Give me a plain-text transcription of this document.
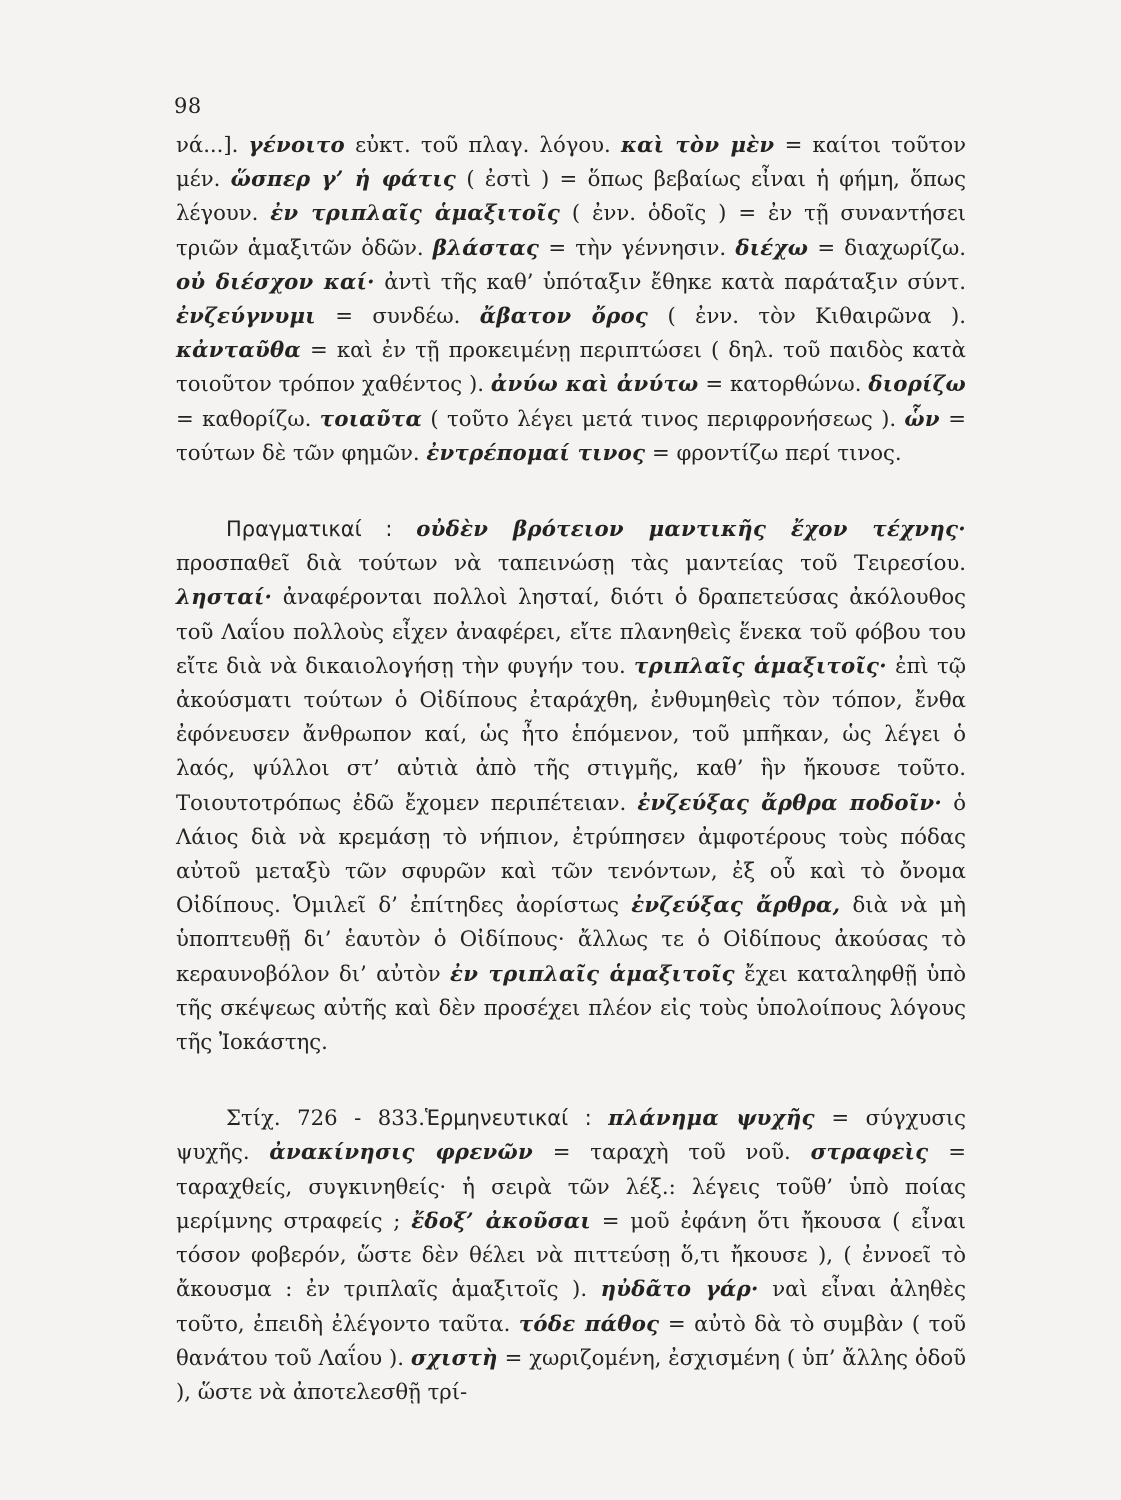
98

νά...]. γένοιτο εὐκτ. τοῦ πλαγ. λόγου. καὶ τὸν μὲν = καίτοι τοῦτον μέν. ὥσπερ γ’ ἡ φάτις ( ἐστὶ ) = ὅπως βεβαίως εἶναι ἡ φήμη, ὅπως λέγουν. ἐν τριπλαῖς ἁμαξιτοῖς ( ἐνν. ὁδοῖς ) = ἐν τῇ συναντήσει τριῶν ἁμαξιτῶν ὁδῶν. βλάστας = τὴν γέννησιν. διέχω = διαχωρίζω. οὐ διέσχον καί· ἀντὶ τῆς καθ’ ὑπόταξιν ἔθηκε κατὰ παράταξιν σύντ. ἐνζεύγνυμι = συνδέω. ἄβατον ὄρος ( ἐνν. τὸν Κιθαιρῶνα ). κἀνταῦθα = καὶ ἐν τῇ προκειμένῃ περιπτώσει ( δηλ. τοῦ παιδὸς κατὰ τοιοῦτον τρόπον χαθέντος ). ἀνύω καὶ ἀνύτω = κατορθώνω. διορίζω = καθορίζω. τοιαῦτα ( τοῦτο λέγει μετά τινος περιφρονήσεως ). ὧν = τούτων δὲ τῶν φημῶν. ἐντρέπομαί τινος = φροντίζω περί τινος.

Πραγματικαί : οὐδὲν βρότειον μαντικῆς ἔχον τέχνης· προσπαθεῖ διὰ τούτων νὰ ταπεινώσῃ τὰς μαντείας τοῦ Τειρεσίου. λησταί· ἀναφέρονται πολλοὶ λησταί, διότι ὁ δραπετεύσας ἀκόλουθος τοῦ Λαΐου πολλοὺς εἶχεν ἀναφέρει, εἴτε πλανηθεὶς ἕνεκα τοῦ φόβου του εἴτε διὰ νὰ δικαιολογήσῃ τὴν φυγήν του. τριπλαῖς ἁμαξιτοῖς· ἐπὶ τῷ ἀκούσματι τούτων ὁ Οἰδίπους ἐταράχθη, ἐνθυμηθεὶς τὸν τόπον, ἔνθα ἐφόνευσεν ἄνθρωπον καί, ὡς ἦτο ἑπόμενον, τοῦ μπῆκαν, ὡς λέγει ὁ λαός, ψύλλοι στ’ αὐτιὰ ἀπὸ τῆς στιγμῆς, καθ’ ἣν ἤκουσε τοῦτο. Τοιουτοτρόπως ἐδῶ ἔχομεν περιπέτειαν. ἐνζεύξας ἄρθρα ποδοῖν· ὁ Λάιος διὰ νὰ κρεμάσῃ τὸ νήπιον, ἐτρύπησεν ἀμφοτέρους τοὺς πόδας αὐτοῦ μεταξὺ τῶν σφυρῶν καὶ τῶν τενόντων, ἐξ οὗ καὶ τὸ ὄνομα Οἰδίπους. Ὁμιλεῖ δ’ ἐπίτηδες ἀορίστως ἐνζεύξας ἄρθρα, διὰ νὰ μὴ ὑποπτευθῇ δι’ ἑαυτὸν ὁ Οἰδίπους· ἄλλως τε ὁ Οἰδίπους ἀκούσας τὸ κεραυνοβόλον δι’ αὐτὸν ἐν τριπλαῖς ἁμαξιτοῖς ἔχει καταληφθῇ ὑπὸ τῆς σκέψεως αὐτῆς καὶ δὲν προσέχει πλέον εἰς τοὺς ὑπολοίπους λόγους τῆς Ἰοκάστης.

Στίχ. 726 - 833.Ἑρμηνευτικαί : πλάνημα ψυχῆς = σύγχυσις ψυχῆς. ἀνακίνησις φρενῶν = ταραχὴ τοῦ νοῦ. στραφεὶς = ταραχθείς, συγκινηθείς· ἡ σειρὰ τῶν λέξ.: λέγεις τοῦθ’ ὑπὸ ποίας μερίμνης στραφείς ; ἔδοξ’ ἀκοῦσαι = μοῦ ἐφάνη ὅτι ἤκουσα ( εἶναι τόσον φοβερόν, ὥστε δὲν θέλει νὰ πιττεύσῃ ὅ,τι ἤκουσε ), ( ἐννοεῖ τὸ ἄκουσμα : ἐν τριπλαῖς ἁμαξιτοῖς ). ηὐδᾶτο γάρ· ναὶ εἶναι ἀληθὲς τοῦτο, ἐπειδὴ ἐλέγοντο ταῦτα. τόδε πάθος = αὐτὸ δὰ τὸ συμβὰν ( τοῦ θανάτου τοῦ Λαΐου ). σχιστὴ = χωριζομένη, ἐσχισμένη ( ὑπ’ ἄλλης ὁδοῦ ), ὥστε νὰ ἀποτελεσθῇ τρί-
